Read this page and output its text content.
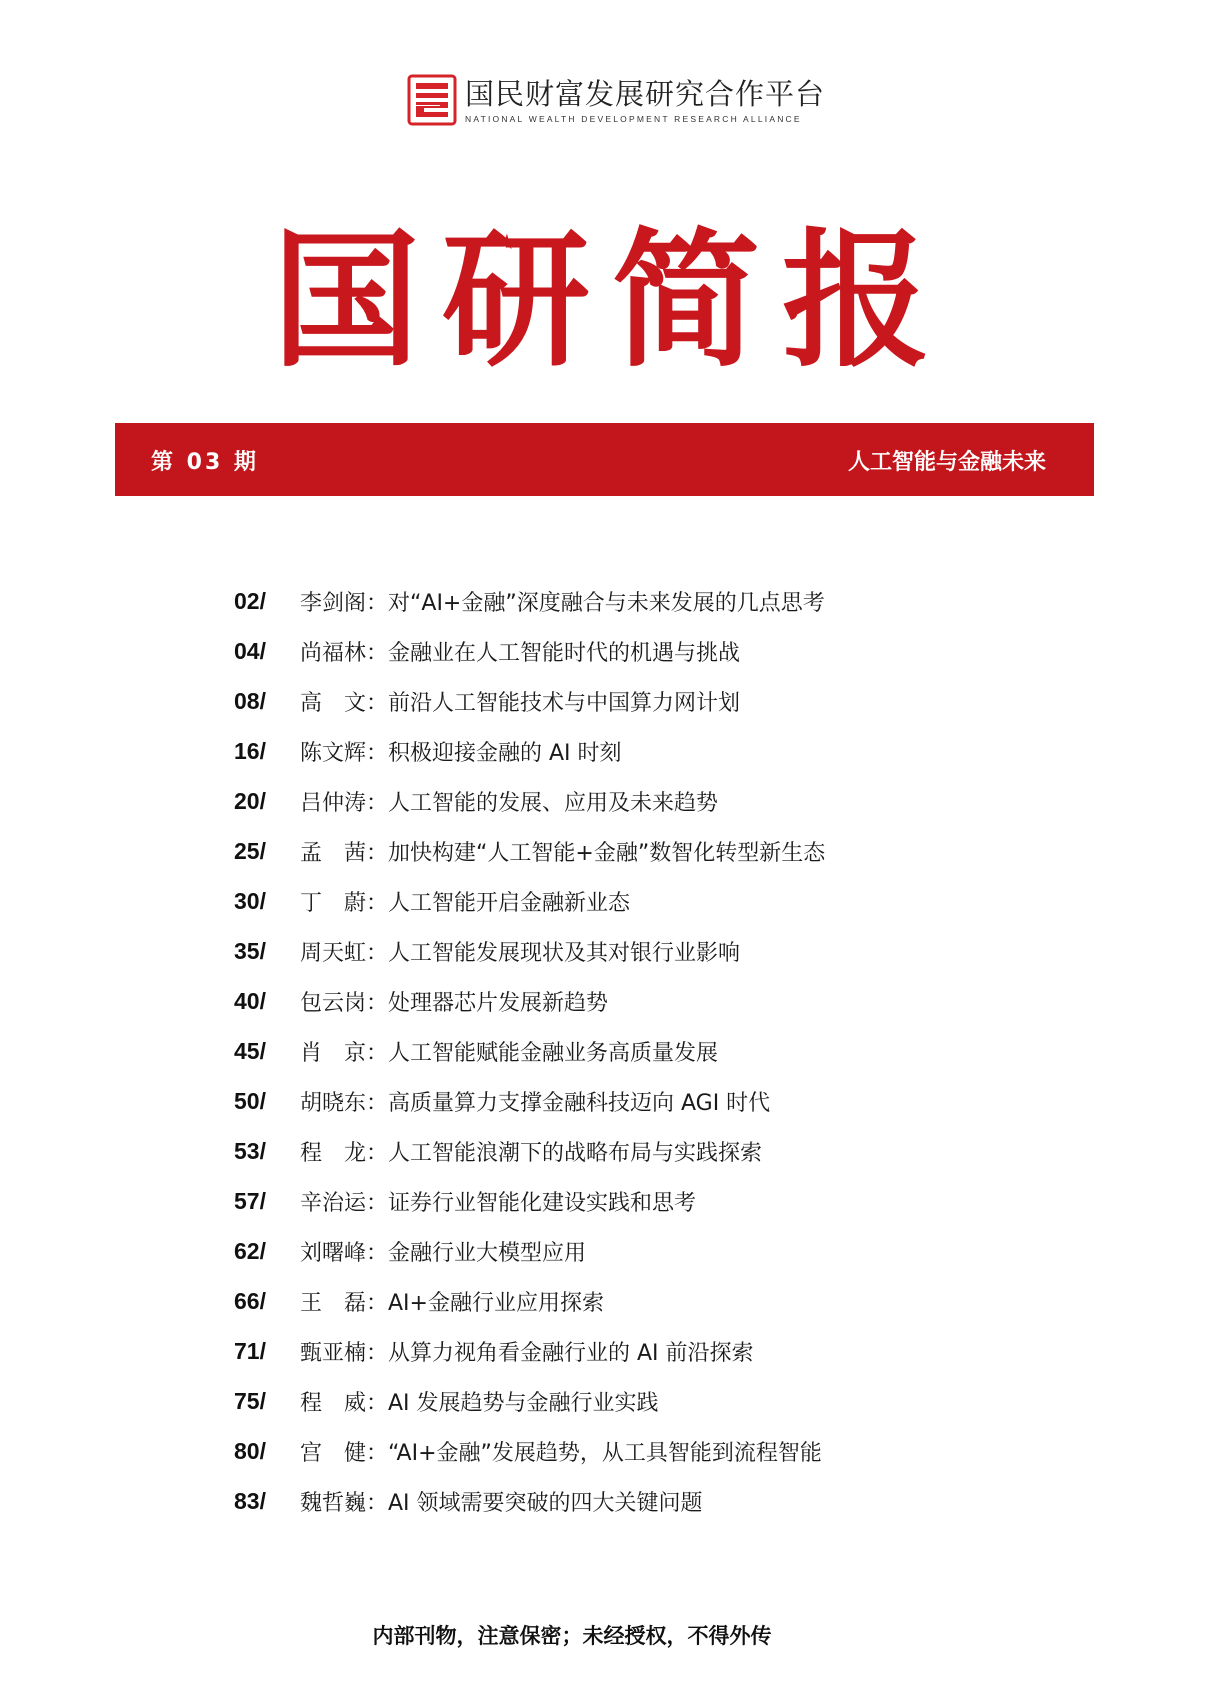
国民财富发展研究合作平台
NATIONAL WEALTH DEVELOPMENT RESEARCH ALLIANCE
国研简报
第 03 期	人工智能与金融未来
02/	李剑阁： 对“AI+金融”深度融合与未来发展的几点思考
04/	尚福林： 金融业在人工智能时代的机遇与挑战
08/	高　文： 前沿人工智能技术与中国算力网计划
16/	陈文辉： 积极迎接金融的 AI 时刻
20/	吕仲涛： 人工智能的发展、应用及未来趋势
25/	孟　茜： 加快构建“人工智能+金融”数智化转型新生态
30/	丁　蔚： 人工智能开启金融新业态
35/	周天虹： 人工智能发展现状及其对银行业影响
40/	包云岗： 处理器芯片发展新趋势
45/	肖　京： 人工智能赋能金融业务高质量发展
50/	胡晓东： 高质量算力支撑金融科技迈向 AGI 时代
53/	程　龙： 人工智能浪潮下的战略布局与实践探索
57/	辛治运： 证券行业智能化建设实践和思考
62/	刘曙峰： 金融行业大模型应用
66/	王　磊： AI+金融行业应用探索
71/	甄亚楠： 从算力视角看金融行业的 AI 前沿探索
75/	程　威： AI 发展趋势与金融行业实践
80/	宫　健： “AI+金融”发展趋势，从工具智能到流程智能
83/	魏哲巍： AI 领域需要突破的四大关键问题
内部刊物，注意保密；未经授权，不得外传
